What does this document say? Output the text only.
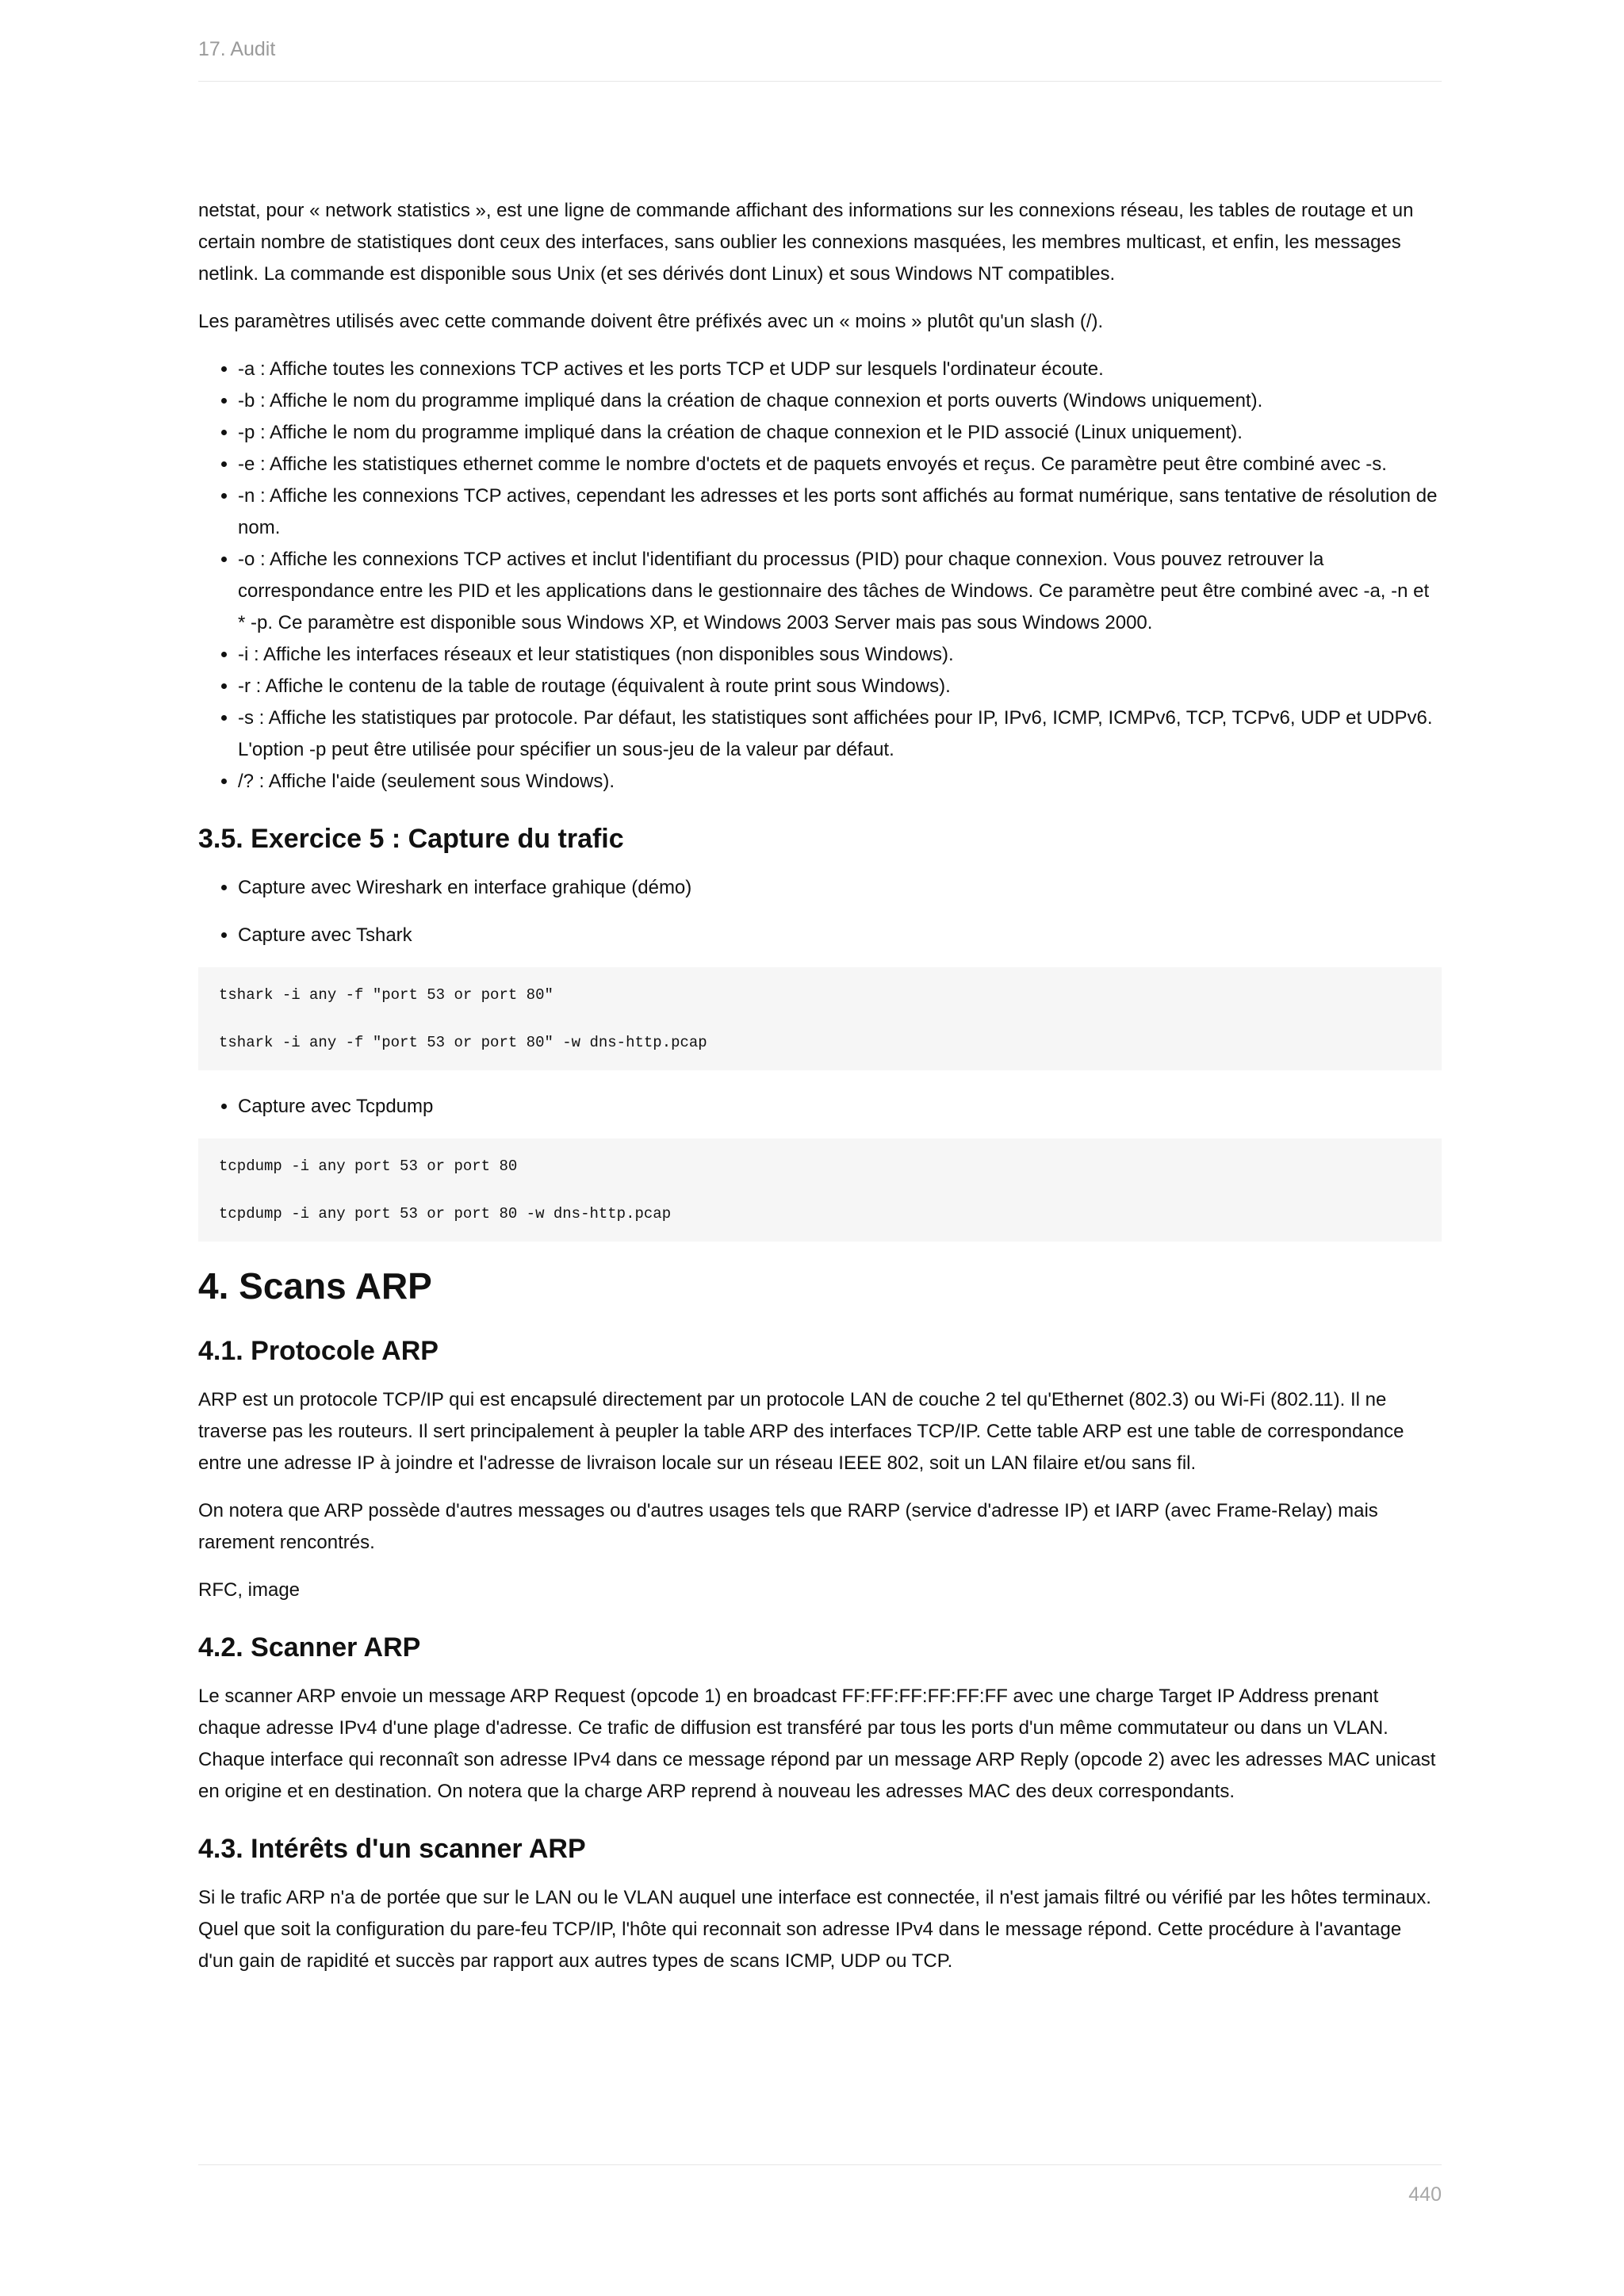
17. Audit

netstat, pour « network statistics », est une ligne de commande affichant des informations sur les connexions réseau, les tables de routage et un certain nombre de statistiques dont ceux des interfaces, sans oublier les connexions masquées, les membres multicast, et enfin, les messages netlink. La commande est disponible sous Unix (et ses dérivés dont Linux) et sous Windows NT compatibles.

Les paramètres utilisés avec cette commande doivent être préfixés avec un « moins » plutôt qu'un slash (/).

• -a : Affiche toutes les connexions TCP actives et les ports TCP et UDP sur lesquels l'ordinateur écoute.
• -b : Affiche le nom du programme impliqué dans la création de chaque connexion et ports ouverts (Windows uniquement).
• -p : Affiche le nom du programme impliqué dans la création de chaque connexion et le PID associé (Linux uniquement).
• -e : Affiche les statistiques ethernet comme le nombre d'octets et de paquets envoyés et reçus. Ce paramètre peut être combiné avec -s.
• -n : Affiche les connexions TCP actives, cependant les adresses et les ports sont affichés au format numérique, sans tentative de résolution de nom.
• -o : Affiche les connexions TCP actives et inclut l'identifiant du processus (PID) pour chaque connexion. Vous pouvez retrouver la correspondance entre les PID et les applications dans le gestionnaire des tâches de Windows. Ce paramètre peut être combiné avec -a, -n et * -p. Ce paramètre est disponible sous Windows XP, et Windows 2003 Server mais pas sous Windows 2000.
• -i : Affiche les interfaces réseaux et leur statistiques (non disponibles sous Windows).
• -r : Affiche le contenu de la table de routage (équivalent à route print sous Windows).
• -s : Affiche les statistiques par protocole. Par défaut, les statistiques sont affichées pour IP, IPv6, ICMP, ICMPv6, TCP, TCPv6, UDP et UDPv6. L'option -p peut être utilisée pour spécifier un sous-jeu de la valeur par défaut.
• /? : Affiche l'aide (seulement sous Windows).
3.5. Exercice 5 : Capture du trafic
• Capture avec Wireshark en interface grahique (démo)
• Capture avec Tshark
tshark -i any -f "port 53 or port 80"
tshark -i any -f "port 53 or port 80" -w dns-http.pcap
• Capture avec Tcpdump
tcpdump -i any port 53 or port 80
tcpdump -i any port 53 or port 80 -w dns-http.pcap
4. Scans ARP
4.1. Protocole ARP

ARP est un protocole TCP/IP qui est encapsulé directement par un protocole LAN de couche 2 tel qu'Ethernet (802.3) ou Wi-Fi (802.11). Il ne traverse pas les routeurs. Il sert principalement à peupler la table ARP des interfaces TCP/IP. Cette table ARP est une table de correspondance entre une adresse IP à joindre et l'adresse de livraison locale sur un réseau IEEE 802, soit un LAN filaire et/ou sans fil.

On notera que ARP possède d'autres messages ou d'autres usages tels que RARP (service d'adresse IP) et IARP (avec Frame-Relay) mais rarement rencontrés.

RFC, image

4.2. Scanner ARP

Le scanner ARP envoie un message ARP Request (opcode 1) en broadcast FF:FF:FF:FF:FF:FF avec une charge Target IP Address prenant chaque adresse IPv4 d'une plage d'adresse. Ce trafic de diffusion est transféré par tous les ports d'un même commutateur ou dans un VLAN. Chaque interface qui reconnaît son adresse IPv4 dans ce message répond par un message ARP Reply (opcode 2) avec les adresses MAC unicast en origine et en destination. On notera que la charge ARP reprend à nouveau les adresses MAC des deux correspondants.

4.3. Intérêts d'un scanner ARP

Si le trafic ARP n'a de portée que sur le LAN ou le VLAN auquel une interface est connectée, il n'est jamais filtré ou vérifié par les hôtes terminaux. Quel que soit la configuration du pare-feu TCP/IP, l'hôte qui reconnait son adresse IPv4 dans le message répond. Cette procédure à l'avantage d'un gain de rapidité et succès par rapport aux autres types de scans ICMP, UDP ou TCP.

440
